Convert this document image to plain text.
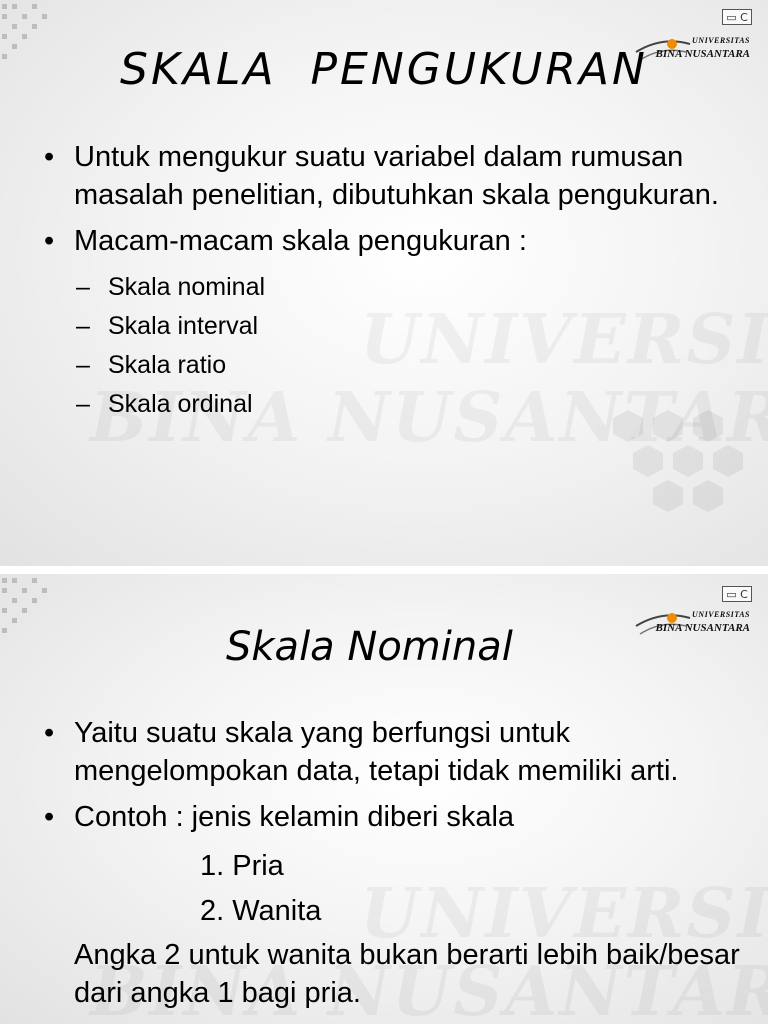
▭ C
UNIVERSITAS
BINA NUSANTARA
SKALA  PENGUKURAN
• Untuk mengukur suatu variabel dalam rumusan masalah penelitian, dibutuhkan skala pengukuran.
• Macam-macam skala pengukuran :
– Skala nominal
– Skala interval
– Skala ratio
– Skala ordinal
▭ C
UNIVERSITAS
BINA NUSANTARA
Skala Nominal
• Yaitu suatu skala yang berfungsi untuk mengelompokan data, tetapi tidak memiliki arti.
• Contoh : jenis kelamin diberi skala
1. Pria
2. Wanita
Angka 2 untuk wanita bukan berarti lebih baik/besar dari angka 1 bagi pria.
